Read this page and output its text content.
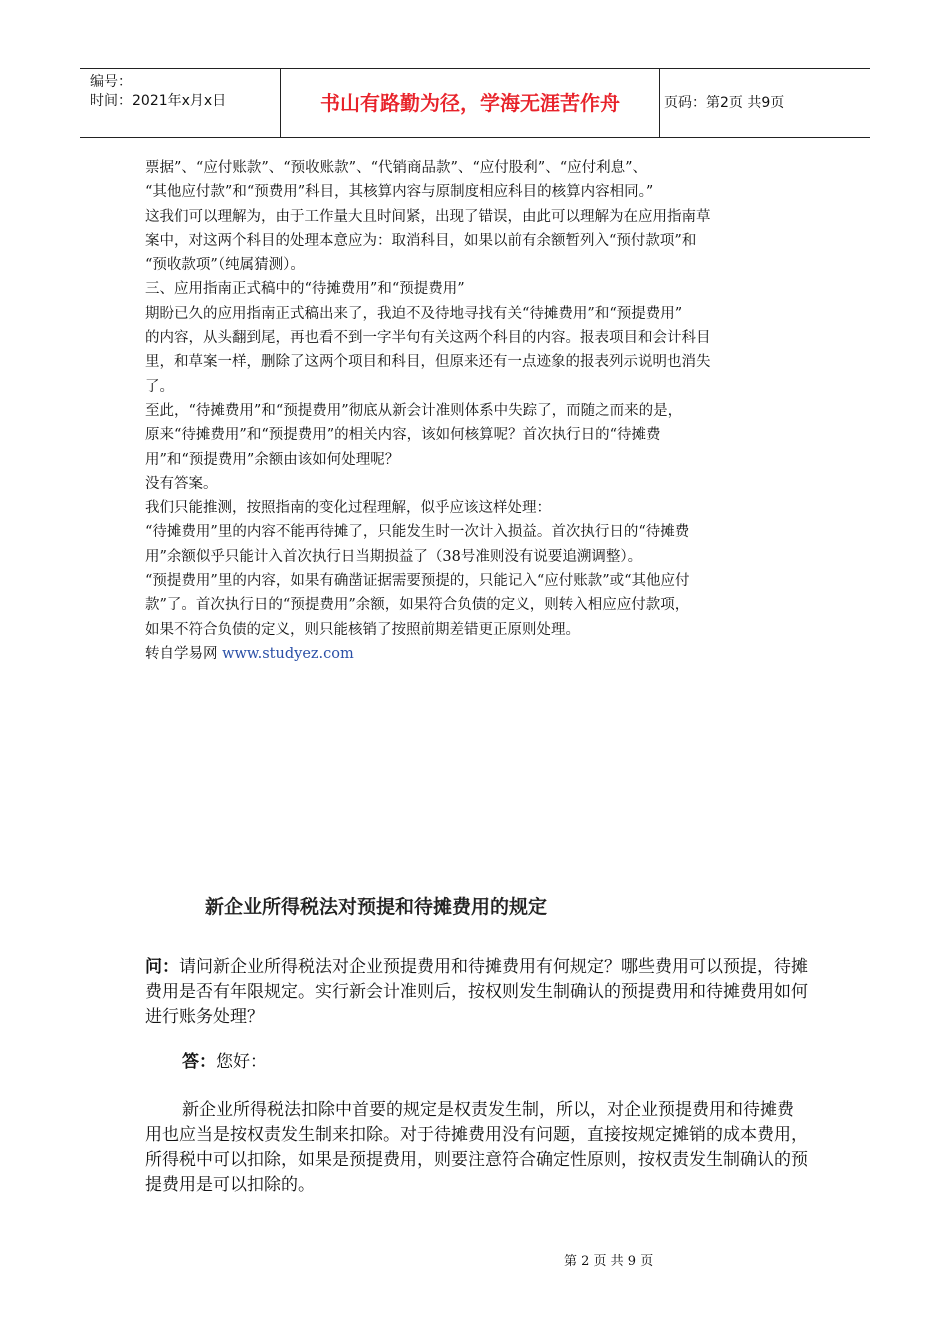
编号：
时间：2021年x月x日	书山有路勤为径，学海无涯苦作舟	页码：第2页 共9页

票据”、“应付账款”、“预收账款”、“代销商品款”、“应付股利”、“应付利息”、

“其他应付款”和“预费用”科目，其核算内容与原制度相应科目的核算内容相同。”

这我们可以理解为，由于工作量大且时间紧，出现了错误，由此可以理解为在应用指南草

案中，对这两个科目的处理本意应为：取消科目，如果以前有余额暂列入“预付款项”和

“预收款项”（纯属猜测）。

三、应用指南正式稿中的“待摊费用”和“预提费用”

期盼已久的应用指南正式稿出来了，我迫不及待地寻找有关“待摊费用”和“预提费用”

的内容，从头翻到尾，再也看不到一字半句有关这两个科目的内容。报表项目和会计科目

里，和草案一样，删除了这两个项目和科目，但原来还有一点迹象的报表列示说明也消失

了。

至此，“待摊费用”和“预提费用”彻底从新会计准则体系中失踪了，而随之而来的是，

原来“待摊费用”和“预提费用”的相关内容，该如何核算呢？首次执行日的“待摊费

用”和“预提费用”余额由该如何处理呢？

没有答案。

我们只能推测，按照指南的变化过程理解，似乎应该这样处理：

“待摊费用”里的内容不能再待摊了，只能发生时一次计入损益。首次执行日的“待摊费

用”余额似乎只能计入首次执行日当期损益了（38号准则没有说要追溯调整）。

“预提费用”里的内容，如果有确凿证据需要预提的，只能记入“应付账款”或“其他应付

款”了。首次执行日的“预提费用”余额，如果符合负债的定义，则转入相应应付款项，

如果不符合负债的定义，则只能核销了按照前期差错更正原则处理。

转自学易网 www.studyez.com

新企业所得税法对预提和待摊费用的规定

问：请问新企业所得税法对企业预提费用和待摊费用有何规定？哪些费用可以预提，待摊费用是否有年限规定。实行新会计准则后，按权则发生制确认的预提费用和待摊费用如何进行账务处理？

答：您好：

新企业所得税法扣除中首要的规定是权责发生制，所以，对企业预提费用和待摊费用也应当是按权责发生制来扣除。对于待摊费用没有问题，直接按规定摊销的成本费用，所得税中可以扣除，如果是预提费用，则要注意符合确定性原则，按权责发生制确认的预提费用是可以扣除的。

第 2 页 共 9 页
